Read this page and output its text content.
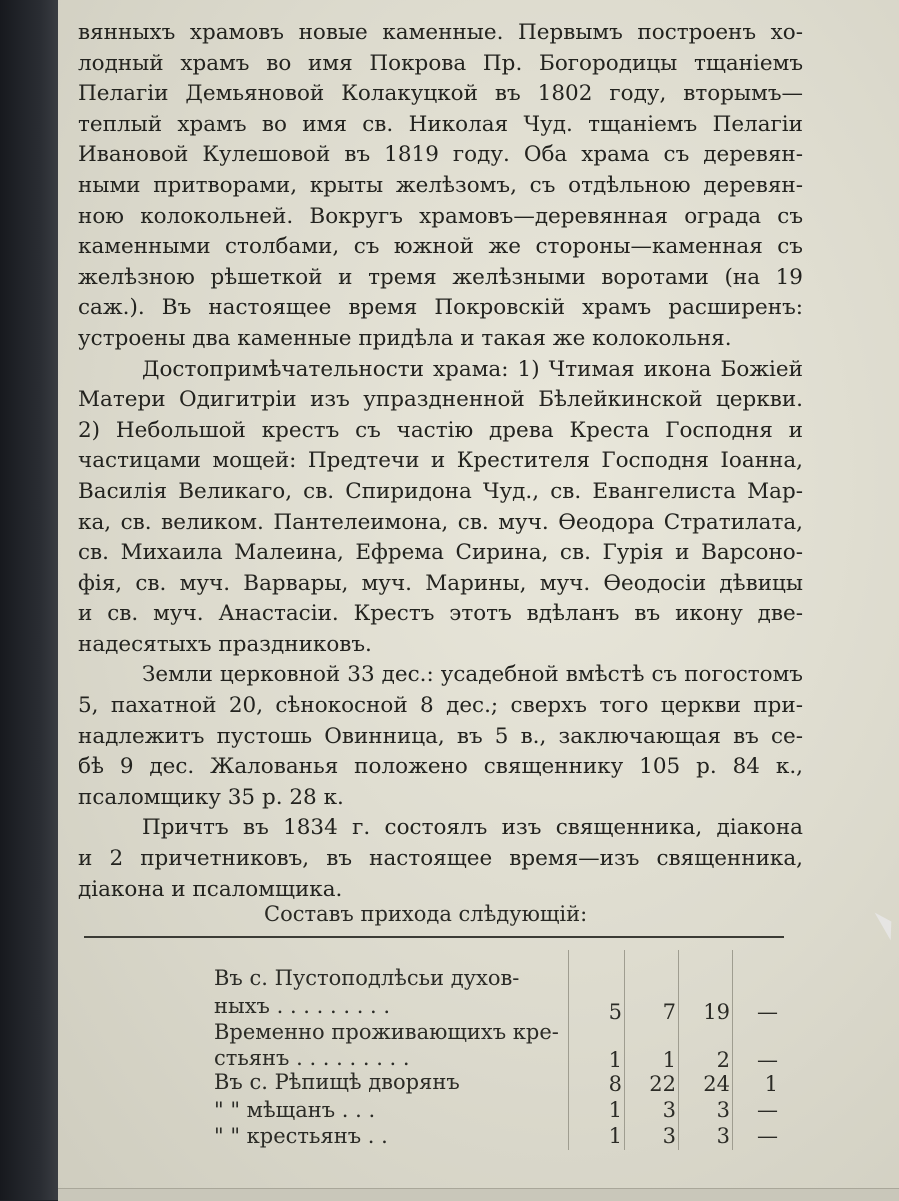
вянныхъ храмовъ новые каменные. Первымъ построенъ хо-
лодный храмъ во имя Покрова Пр. Богородицы тщаніемъ
Пелагіи Демьяновой Колакуцкой въ 1802 году, вторымъ—
теплый храмъ во имя св. Николая Чуд. тщаніемъ Пелагіи
Ивановой Кулешовой въ 1819 году. Оба храма съ деревян-
ными притворами, крыты желѣзомъ, съ отдѣльною деревян-
ною колокольней. Вокругъ храмовъ—деревянная ограда съ
каменными столбами, съ южной же стороны—каменная съ
желѣзною рѣшеткой и тремя желѣзными воротами (на 19
саж.). Въ настоящее время Покровскій храмъ расширенъ:
устроены два каменные придѣла и такая же колокольня.
Достопримѣчательности храма: 1) Чтимая икона Божіей
Матери Одигитріи изъ упраздненной Бѣлейкинской церкви.
2) Небольшой крестъ съ частію древа Креста Господня и
частицами мощей: Предтечи и Крестителя Господня Іоанна,
Василія Великаго, св. Спиридона Чуд., св. Евангелиста Мар-
ка, св. великом. Пантелеимона, св. муч. Ѳеодора Стратилата,
св. Михаила Малеина, Ефрема Сирина, св. Гурія и Варсоно-
фія, св. муч. Варвары, муч. Марины, муч. Ѳеодосіи дѣвицы
и св. муч. Анастасіи. Крестъ этотъ вдѣланъ въ икону две-
надесятыхъ праздниковъ.
Земли церковной 33 дес.: усадебной вмѣстѣ съ погостомъ
5, пахатной 20, сѣнокосной 8 дес.; сверхъ того церкви при-
надлежитъ пустошь Овинница, въ 5 в., заключающая въ се-
бѣ 9 дес. Жалованья положено священнику 105 р. 84 к.,
псаломщику 35 р. 28 к.
Причтъ въ 1834 г. состоялъ изъ священника, діакона
и 2 причетниковъ, въ настоящее время—изъ священника,
діакона и псаломщика.
Составъ прихода слѣдующій:
Въ с. Пустоподлѣсьи духов-
ныхъ . . . . . . . . .	5	7	19	—
Временно проживающихъ кре-
стьянъ . . . . . . . . .	1	1	2	—
Въ с. Рѣпищѣ дворянъ	8	22	24	1
" " мѣщанъ . . .	1	3	3	—
" " крестьянъ . .	1	3	3	—
